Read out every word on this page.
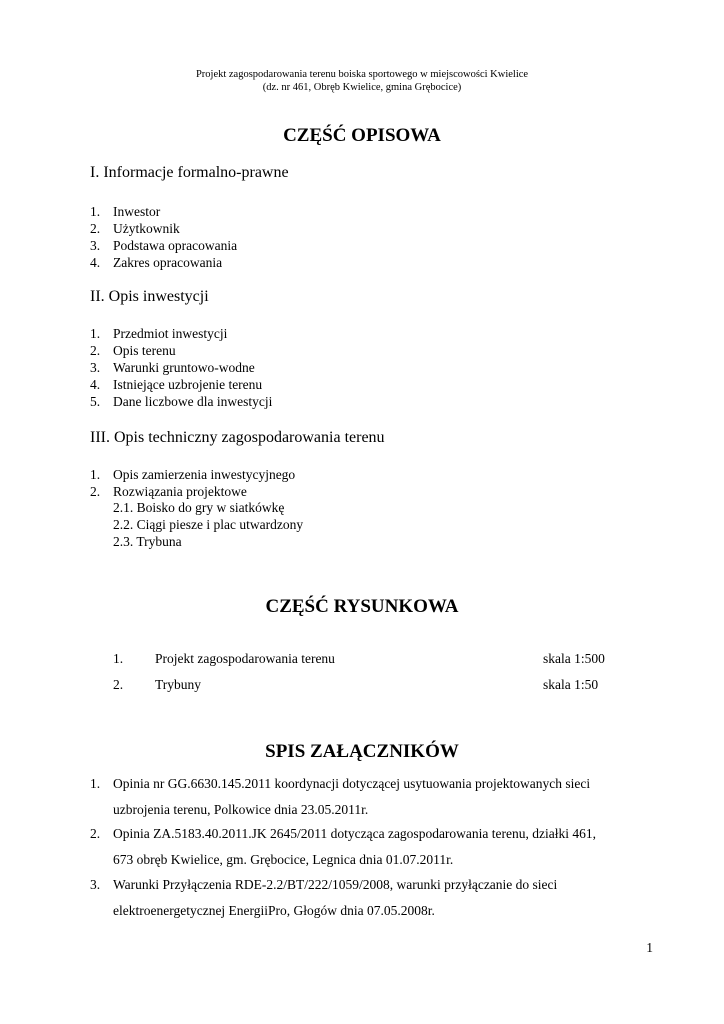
Projekt zagospodarowania terenu boiska sportowego w miejscowości Kwielice
(dz. nr 461, Obręb Kwielice, gmina Grębocice)
CZĘŚĆ OPISOWA
I. Informacje formalno-prawne
1. Inwestor
2. Użytkownik
3. Podstawa opracowania
4. Zakres opracowania
II. Opis inwestycji
1. Przedmiot inwestycji
2. Opis terenu
3. Warunki gruntowo-wodne
4. Istniejące uzbrojenie terenu
5. Dane liczbowe dla inwestycji
III. Opis techniczny zagospodarowania terenu
1. Opis zamierzenia inwestycyjnego
2. Rozwiązania projektowe
2.1. Boisko do gry w siatkówkę
2.2. Ciągi piesze i plac utwardzony
2.3. Trybuna
CZĘŚĆ RYSUNKOWA
1. Projekt zagospodarowania terenu	skala 1:500
2. Trybuny	skala 1:50
SPIS ZAŁĄCZNIKÓW
1. Opinia nr GG.6630.145.2011 koordynacji dotyczącej usytuowania projektowanych sieci
uzbrojenia terenu, Polkowice dnia 23.05.2011r.
2. Opinia ZA.5183.40.2011.JK 2645/2011 dotycząca zagospodarowania terenu, działki 461,
673 obręb Kwielice, gm. Grębocice, Legnica dnia 01.07.2011r.
3. Warunki Przyłączenia RDE-2.2/BT/222/1059/2008, warunki przyłączanie do sieci
elektroenergetycznej EnergiiPro, Głogów dnia 07.05.2008r.
1
